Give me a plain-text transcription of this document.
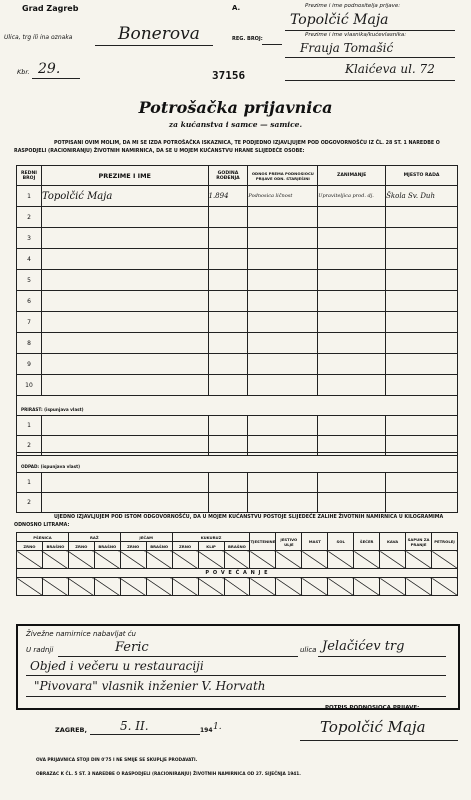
Grad Zagreb	A.	Prezime i ime podnositelja prijave:
Topolčić Maja
Ulica, trg ili ina oznaka	Bonerova	REG. BROJ:
Prezime i ime vlasnika/kućevlasnika:
Frauja Tomašić
Klaićeva ul. 72
Kbr. 29.	37156
Potrošačka prijavnica
za kućanstva i samce — samice.
POTPISANI OVIM MOLIM, DA MI SE IZDA POTROŠAČKA ISKAZNICA, TE PODJEDNO IZJAVLJUJEM POD ODGOVORNOŠĆU IZ ČL. 28 ST. 1 NAREDBE O RASPODJELI (RACIONIRANJU) ŽIVOTNIH NAMIRNICA, DA SE U MOJEM KUĆANSTVU HRANE SLIJEDEĆE OSOBE:
REDNI BROJ	PREZIME I IME	GODINA ROĐENJA	ODNOS PREMA PODNOSIOCU PRIJAVE ODN. STARJEŠINI	ZANIMANJE	MJESTO RADA
1	Topolčić Maja	1.894	Podnosica ličnost	Upraviteljica prod. dj.	Škola Sv. Duh
2					
3					
4					
5					
6					
7					
8					
9					
10					
PRIRAST: (ispunjava vlast)					
1					
2					
ODPAD: (ispunjava vlast)					
1					
2					
UJEDNO IZJAVLJUJEM POD ISTOM ODGOVORNOŠĆU, DA U MOJEM KUĆANSTVU POSTOJE SLIJEDEĆE ZALIHE ŽIVOTNIH NAMIRNICA U KILOGRAMIMA ODNOSNO LITRAMA:
PŠENICA		RAŽ		JEČAM		KUKURUZ			TJESTENINE	JESTIVO ULJE	MAST	SOL	ŠEĆER	KAVA	SAPUN ZA PRANJE	PETROLEJ
ZRNO	BRAŠNO	ZRNO	BRAŠNO	ZRNO	BRAŠNO	ZRNO	KLIP	BRAŠNO								

P O V E Ć A N J E																

Živežne namirnice nabavljat ću
U radnji	Feric	ulica Jelačićev trg
Objed i večeru u restauraciji
"Pivovara" vlasnik inženier V. Horvath
ZAGREB,	5. II.	194 1.
POTPIS PODNOSIOCA PRIJAVE:
Topolčić Maja
OVA PRIJAVNICA STOJI DIN 0'75 I NE SMIJE SE SKUPLJE PRODAVATI.
OBRAZAC K ČL. 5 ST. 3 NAREDBE O RASPODJELI (RACIONIRANJU) ŽIVOTNIH NAMIRNICA OD 27. SIJEČNJA 1941.
